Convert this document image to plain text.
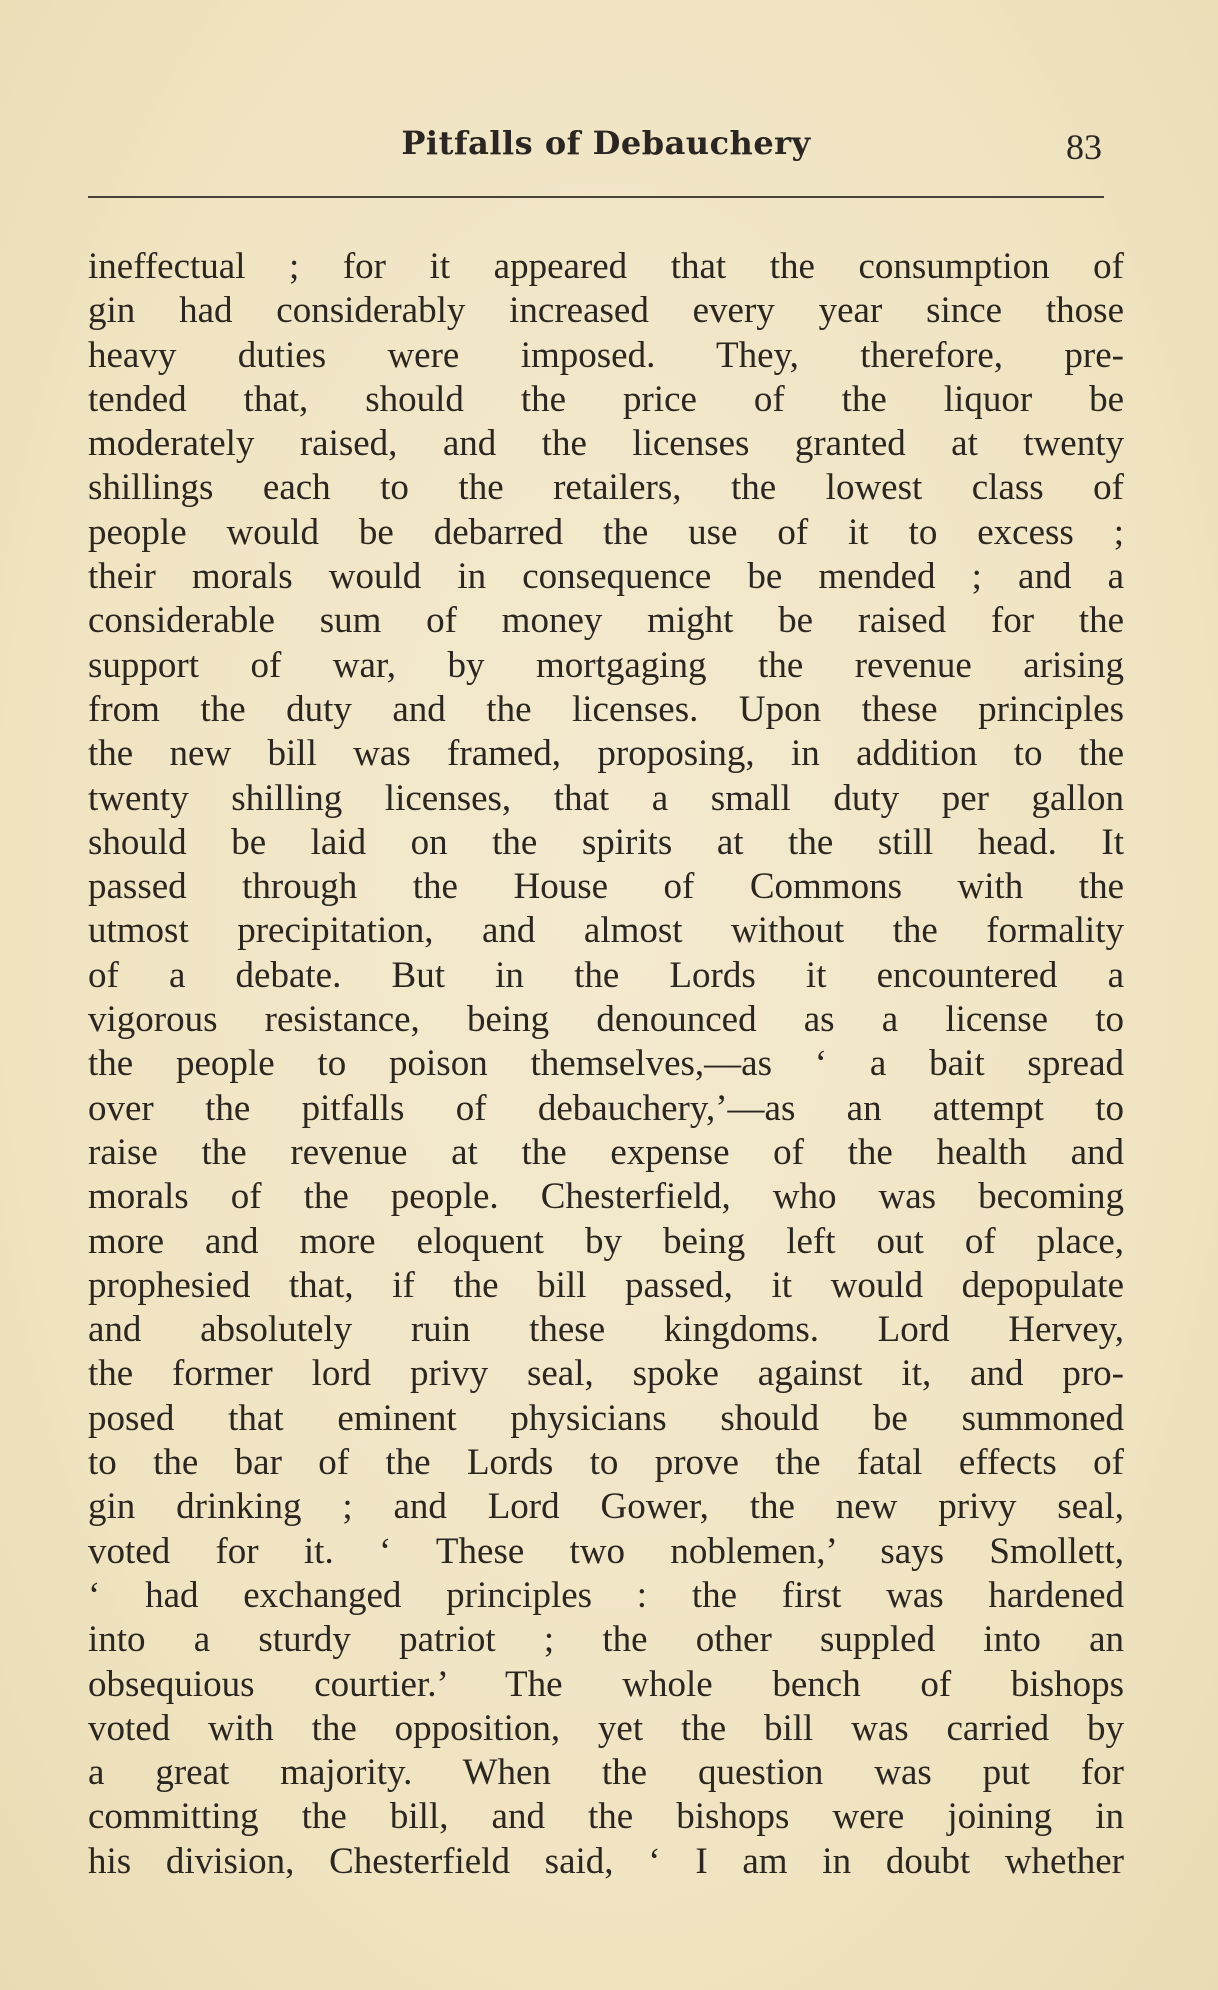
Pitfalls of Debauchery	83
ineffectual ; for it appeared that the consumption of
gin had considerably increased every year since those
heavy duties were imposed. They, therefore, pre-
tended that, should the price of the liquor be
moderately raised, and the licenses granted at twenty
shillings each to the retailers, the lowest class of
people would be debarred the use of it to excess ;
their morals would in consequence be mended ; and a
considerable sum of money might be raised for the
support of war, by mortgaging the revenue arising
from the duty and the licenses. Upon these principles
the new bill was framed, proposing, in addition to the
twenty shilling licenses, that a small duty per gallon
should be laid on the spirits at the still head. It
passed through the House of Commons with the
utmost precipitation, and almost without the formality
of a debate. But in the Lords it encountered a
vigorous resistance, being denounced as a license to
the people to poison themselves,—as ‘ a bait spread
over the pitfalls of debauchery,’—as an attempt to
raise the revenue at the expense of the health and
morals of the people. Chesterfield, who was becoming
more and more eloquent by being left out of place,
prophesied that, if the bill passed, it would depopulate
and absolutely ruin these kingdoms. Lord Hervey,
the former lord privy seal, spoke against it, and pro-
posed that eminent physicians should be summoned
to the bar of the Lords to prove the fatal effects of
gin drinking ; and Lord Gower, the new privy seal,
voted for it. ‘ These two noblemen,’ says Smollett,
‘ had exchanged principles : the first was hardened
into a sturdy patriot ; the other suppled into an
obsequious courtier.’ The whole bench of bishops
voted with the opposition, yet the bill was carried by
a great majority. When the question was put for
committing the bill, and the bishops were joining in
his division, Chesterfield said, ‘ I am in doubt whether
